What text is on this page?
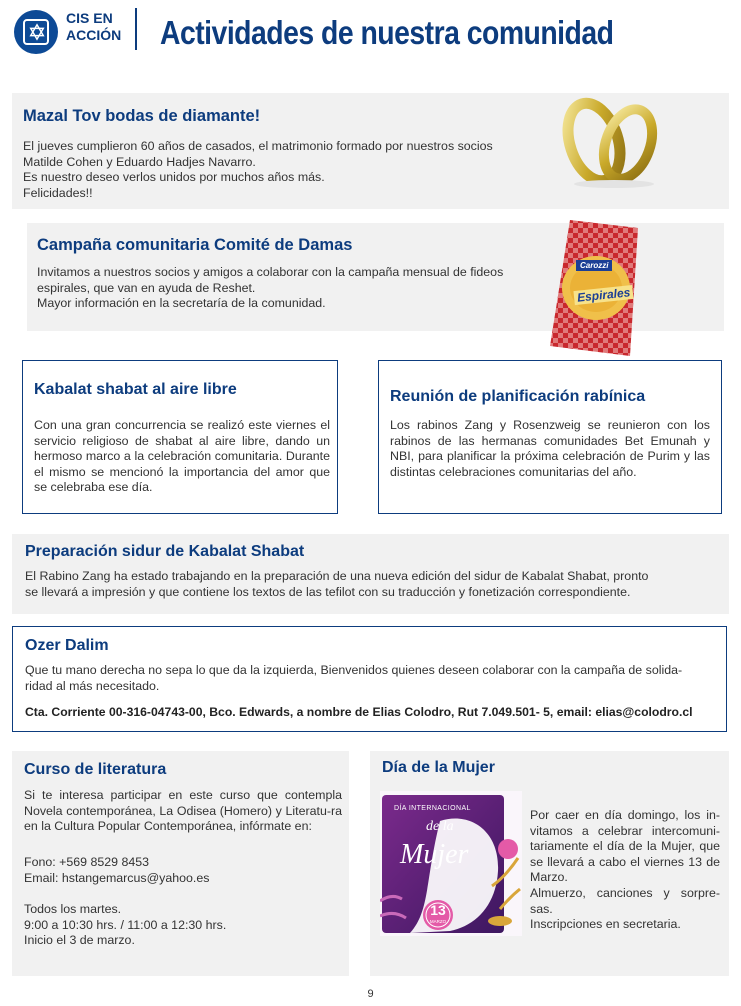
CIS EN
ACCIÓN Actividades de nuestra comunidad
Mazal Tov bodas de diamante!

El jueves cumplieron 60 años de casados, el matrimonio formado por nuestros socios

Matilde Cohen y Eduardo Hadjes Navarro.

Es nuestro deseo verlos unidos por muchos años más.

Felicidades!!

Campaña comunitaria Comité de Damas

Invitamos a nuestros socios y amigos a colaborar con la campaña mensual de fideos

espirales, que van en ayuda de Reshet.

Mayor información en la secretaría de la comunidad.

Carozzi
Espirales
Kabalat shabat al aire libre

Con una gran concurrencia se realizó este viernes el servicio religioso de shabat al aire libre, dando un hermoso marco a la celebración comunitaria. Durante el mismo se mencionó la importancia del amor que se celebraba ese día.

Reunión de planificación rabínica

Los rabinos Zang y Rosenzweig se reunieron con los rabinos de las hermanas comunidades Bet Emunah y NBI, para planificar la próxima celebración de Purim y las distintas celebraciones comunitarias del año.

Preparación sidur de Kabalat Shabat

El Rabino Zang ha estado trabajando en la preparación de una nueva edición del sidur de Kabalat Shabat, pronto

se llevará a impresión y que contiene los textos de las tefilot con su traducción y fonetización correspondiente.

Ozer Dalim

Que tu mano derecha no sepa lo que da la izquierda, Bienvenidos quienes deseen colaborar con la campaña de solida-

ridad al más necesitado.

Cta. Corriente 00-316-04743-00, Bco. Edwards, a nombre de Elias Colodro, Rut 7.049.501- 5, email: elias@colodro.cl

Curso de literatura

Si te interesa participar en este curso que contempla Novela contemporánea, La Odisea (Homero) y Literatu-ra en la Cultura Popular Contemporánea, infórmate en:

Fono: +569 8529 8453

Email: hstangemarcus@yahoo.es

Todos los martes.

9:00 a 10:30 hrs. / 11:00 a 12:30 hrs.

Inicio el 3 de marzo.

Día de la Mujer
DÍA INTERNACIONAL
de la
Mujer
13
MARZO

Por caer en día domingo, los in-vitamos a celebrar intercomuni-tariamente el día de la Mujer, que se llevará a cabo el viernes 13 de Marzo.

Almuerzo, canciones y sorpre-sas.

Inscripciones en secretaria.

9
